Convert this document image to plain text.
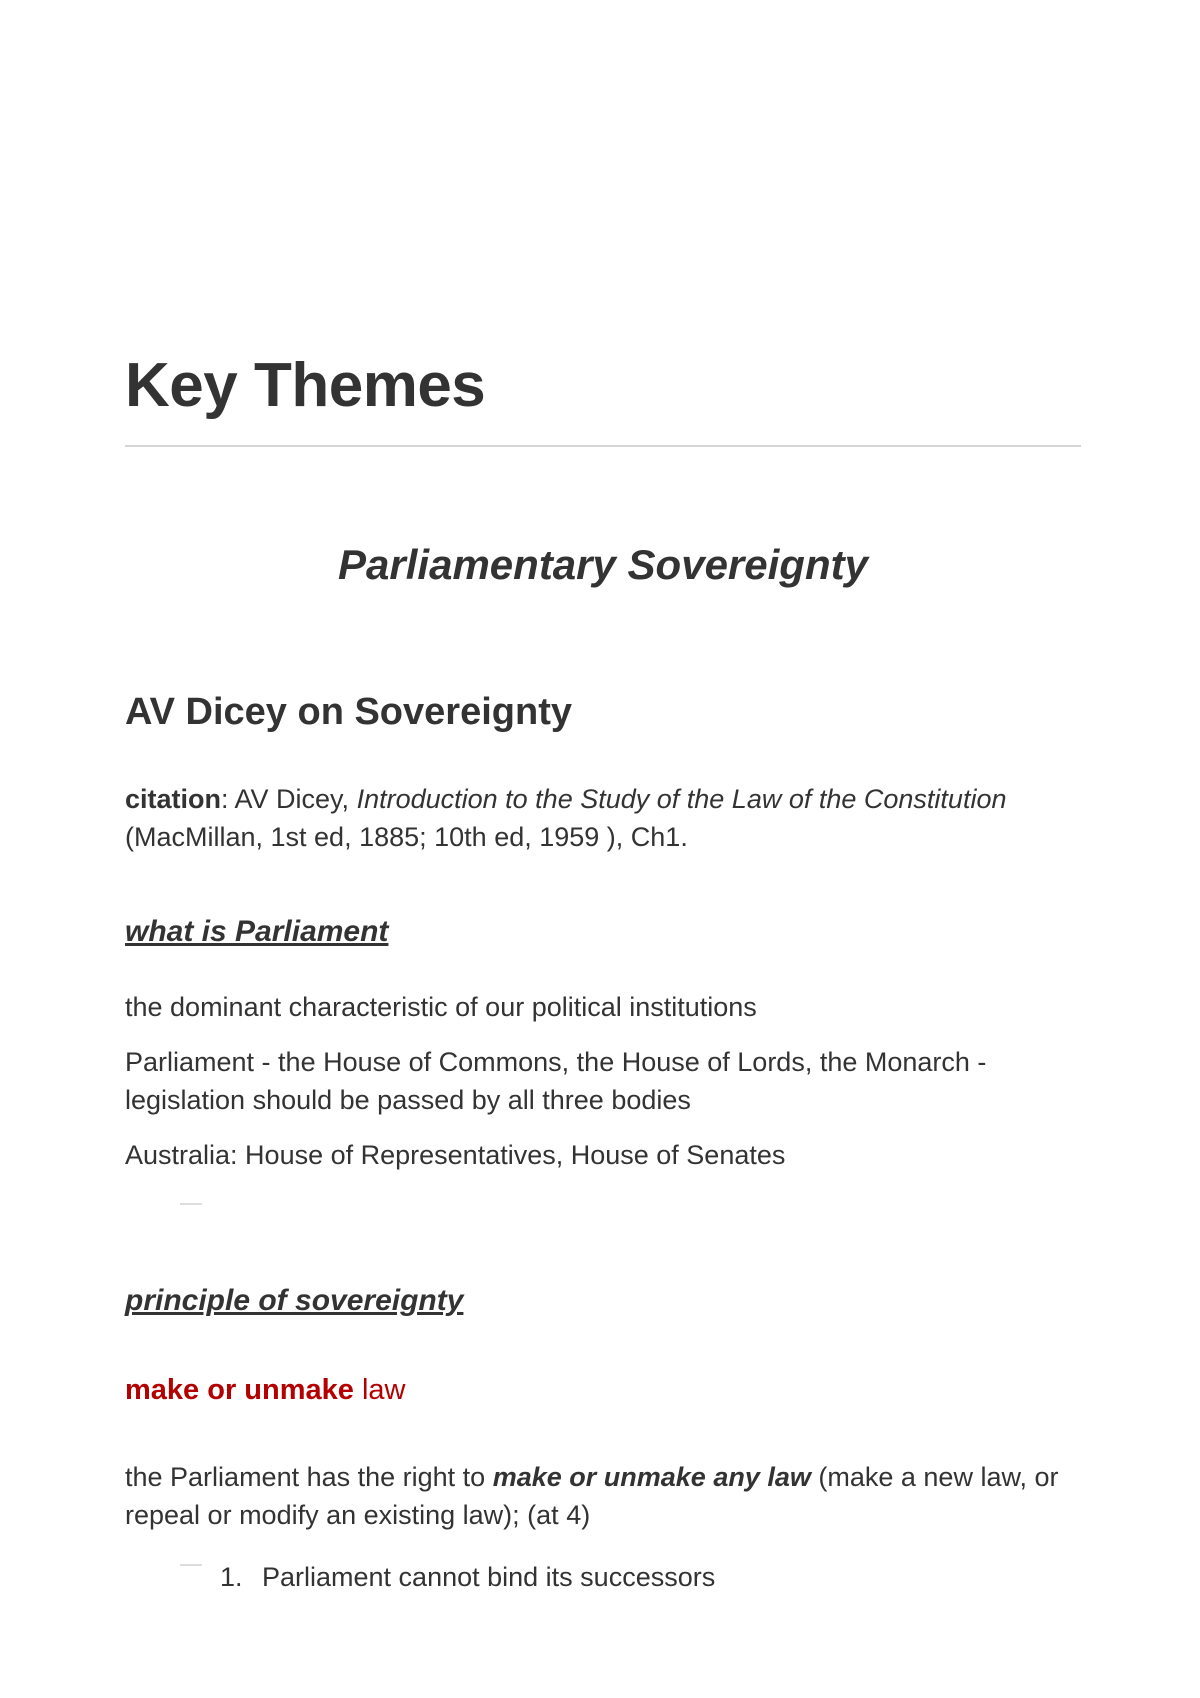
Key Themes
Parliamentary Sovereignty
AV Dicey on Sovereignty

citation: AV Dicey, Introduction to the Study of the Law of the Constitution (MacMillan, 1st ed, 1885; 10th ed, 1959 ), Ch1.

what is Parliament

the dominant characteristic of our political institutions

Parliament - the House of Commons, the House of Lords, the Monarch - legislation should be passed by all three bodies

Australia: House of Representatives, House of Senates

principle of sovereignty
make or unmake law

the Parliament has the right to make or unmake any law (make a new law, or repeal or modify an existing law); (at 4)

1. Parliament cannot bind its successors
